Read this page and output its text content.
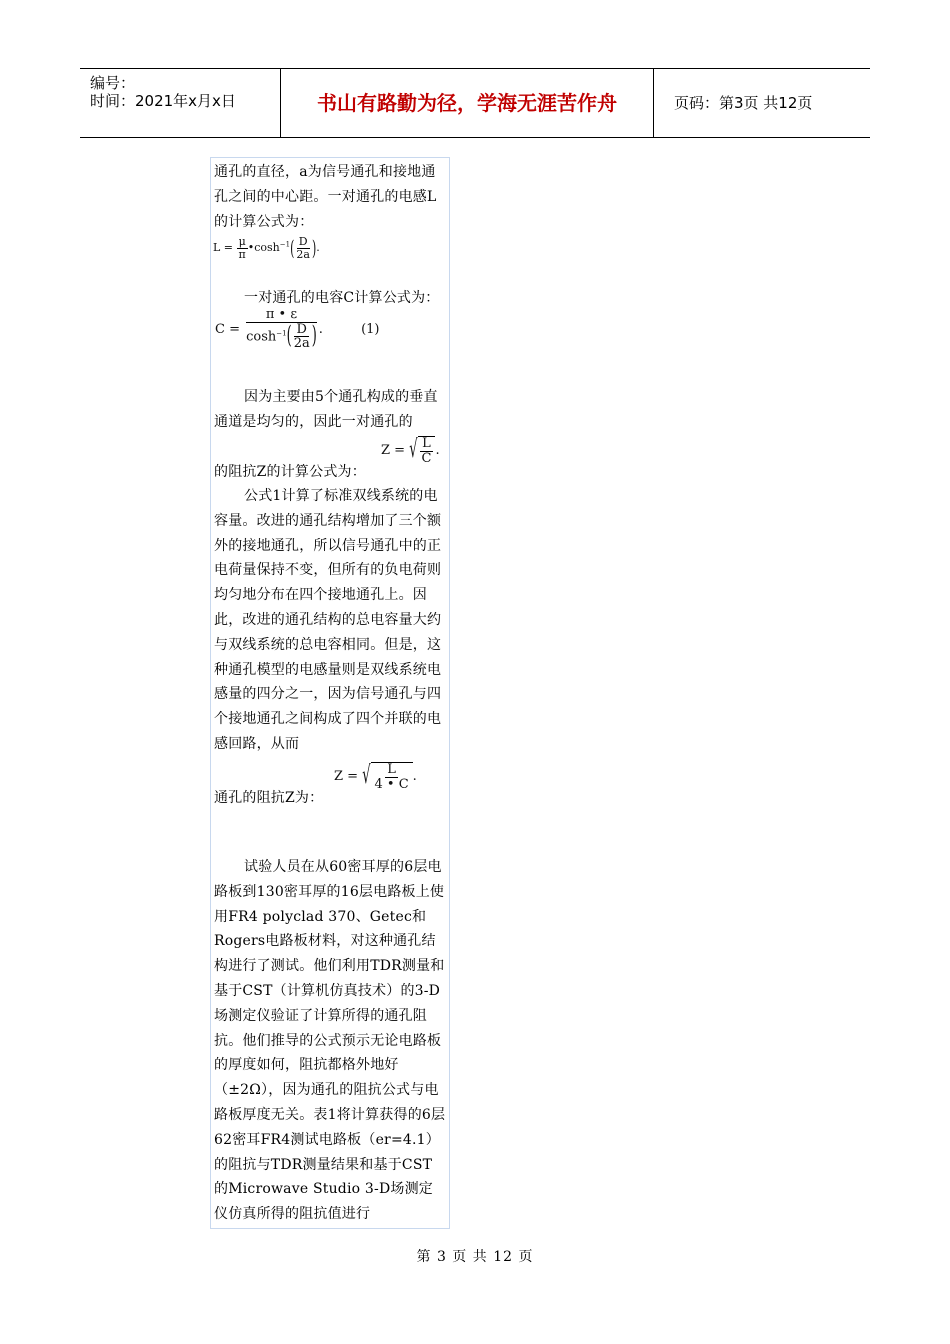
编号：
时间：2021年x月x日	书山有路勤为径，学海无涯苦作舟	页码：第3页 共12页
通孔的直径，a为信号通孔和接地通孔之间的中心距。一对通孔的电感L的计算公式为：
$L = \frac{\mu}{\pi}$ $•\cosh^{-1}( \frac{D}{2a}$ ).
一对通孔的电容C计算公式为：
$C = \frac{\pi • \varepsilon}{\cosh^{-1}( \frac{D}{2a} )}$ .	(1)
因为主要由5个通孔构成的垂直通道是均匀的，因此一对通孔的
的阻抗Z的计算公式为：
Z = √ $\frac{L}{C}$ .
公式1计算了标准双线系统的电容量。改进的通孔结构增加了三个额外的接地通孔，所以信号通孔中的正电荷量保持不变，但所有的负电荷则均匀地分布在四个接地通孔上。因此，改进的通孔结构的总电容量大约与双线系统的总电容相同。但是，这种通孔模型的电感量则是双线系统电感量的四分之一，因为信号通孔与四个接地通孔之间构成了四个并联的电感回路，从而
Z = √ $\frac{L}{4 • C}$ .
通孔的阻抗Z为：
试验人员在从60密耳厚的6层电路板到130密耳厚的16层电路板上使用FR4 polyclad 370、Getec和Rogers电路板材料，对这种通孔结构进行了测试。他们利用TDR测量和基于CST（计算机仿真技术）的3-D场测定仪验证了计算所得的通孔阻抗。他们推导的公式预示无论电路板的厚度如何，阻抗都格外地好（±2Ω），因为通孔的阻抗公式与电路板厚度无关。表1将计算获得的6层62密耳FR4测试电路板（er=4.1）的阻抗与TDR测量结果和基于CST的Microwave Studio 3-D场测定仪仿真所得的阻抗值进行
第 3 页 共 12 页
